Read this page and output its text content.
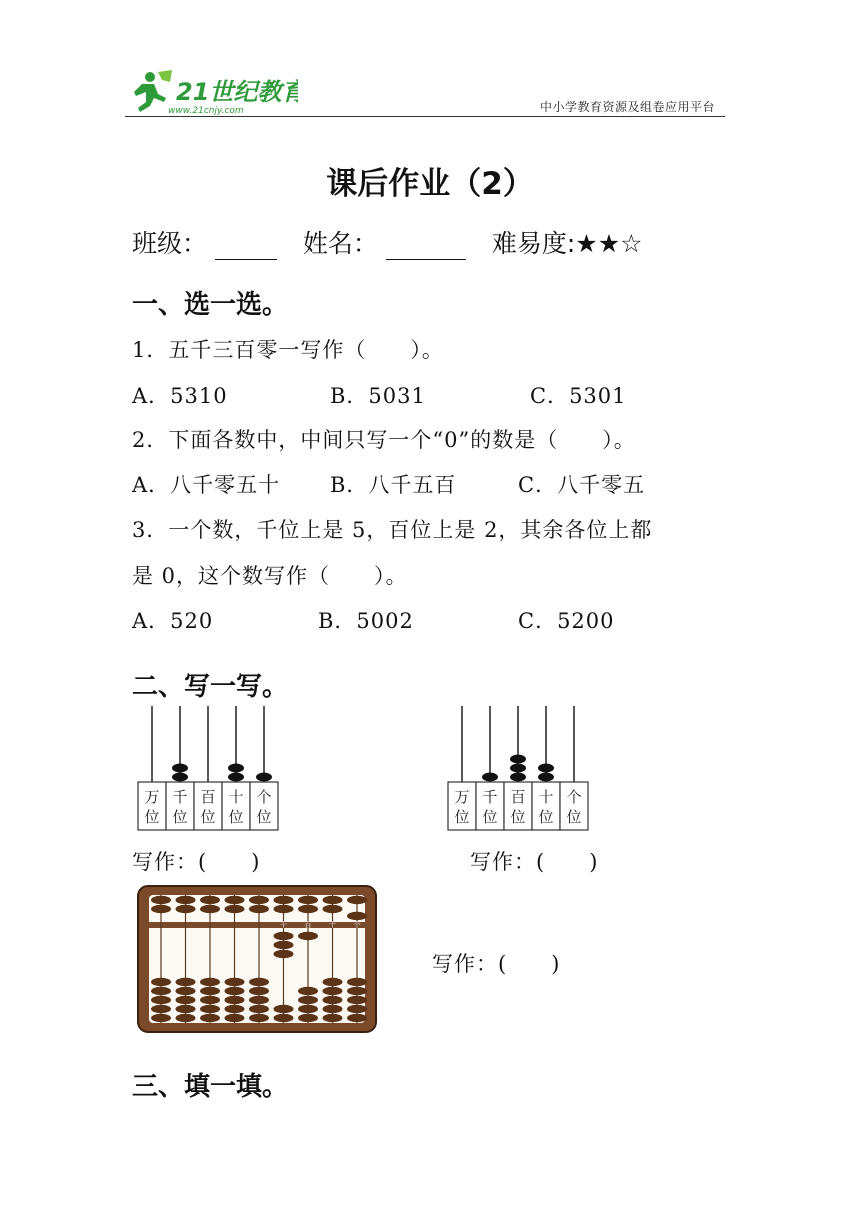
21世纪教育
www.21cnjy.com	中小学教育资源及组卷应用平台
课后作业（2）
班级：	姓名：	难易度:★★☆
一、选一选。
1．五千三百零一写作（　　）。
A．5310	B．5031	C．5301
2．下面各数中，中间只写一个“0”的数是（　　）。
A．八千零五十 B．八千五百	C．八千零五
3．一个数，千位上是 5，百位上是 2，其余各位上都
是 0，这个数写作（　　）。
A．520	B．5002	C．5200
二、写一写。
万
位
千
位
百
位
十
位
个
位
万
位
千
位
百
位
十
位
个
位
写作：(　　)	写作：(　　)
千	百	十	个
写作：(　　)
三、填一填。
